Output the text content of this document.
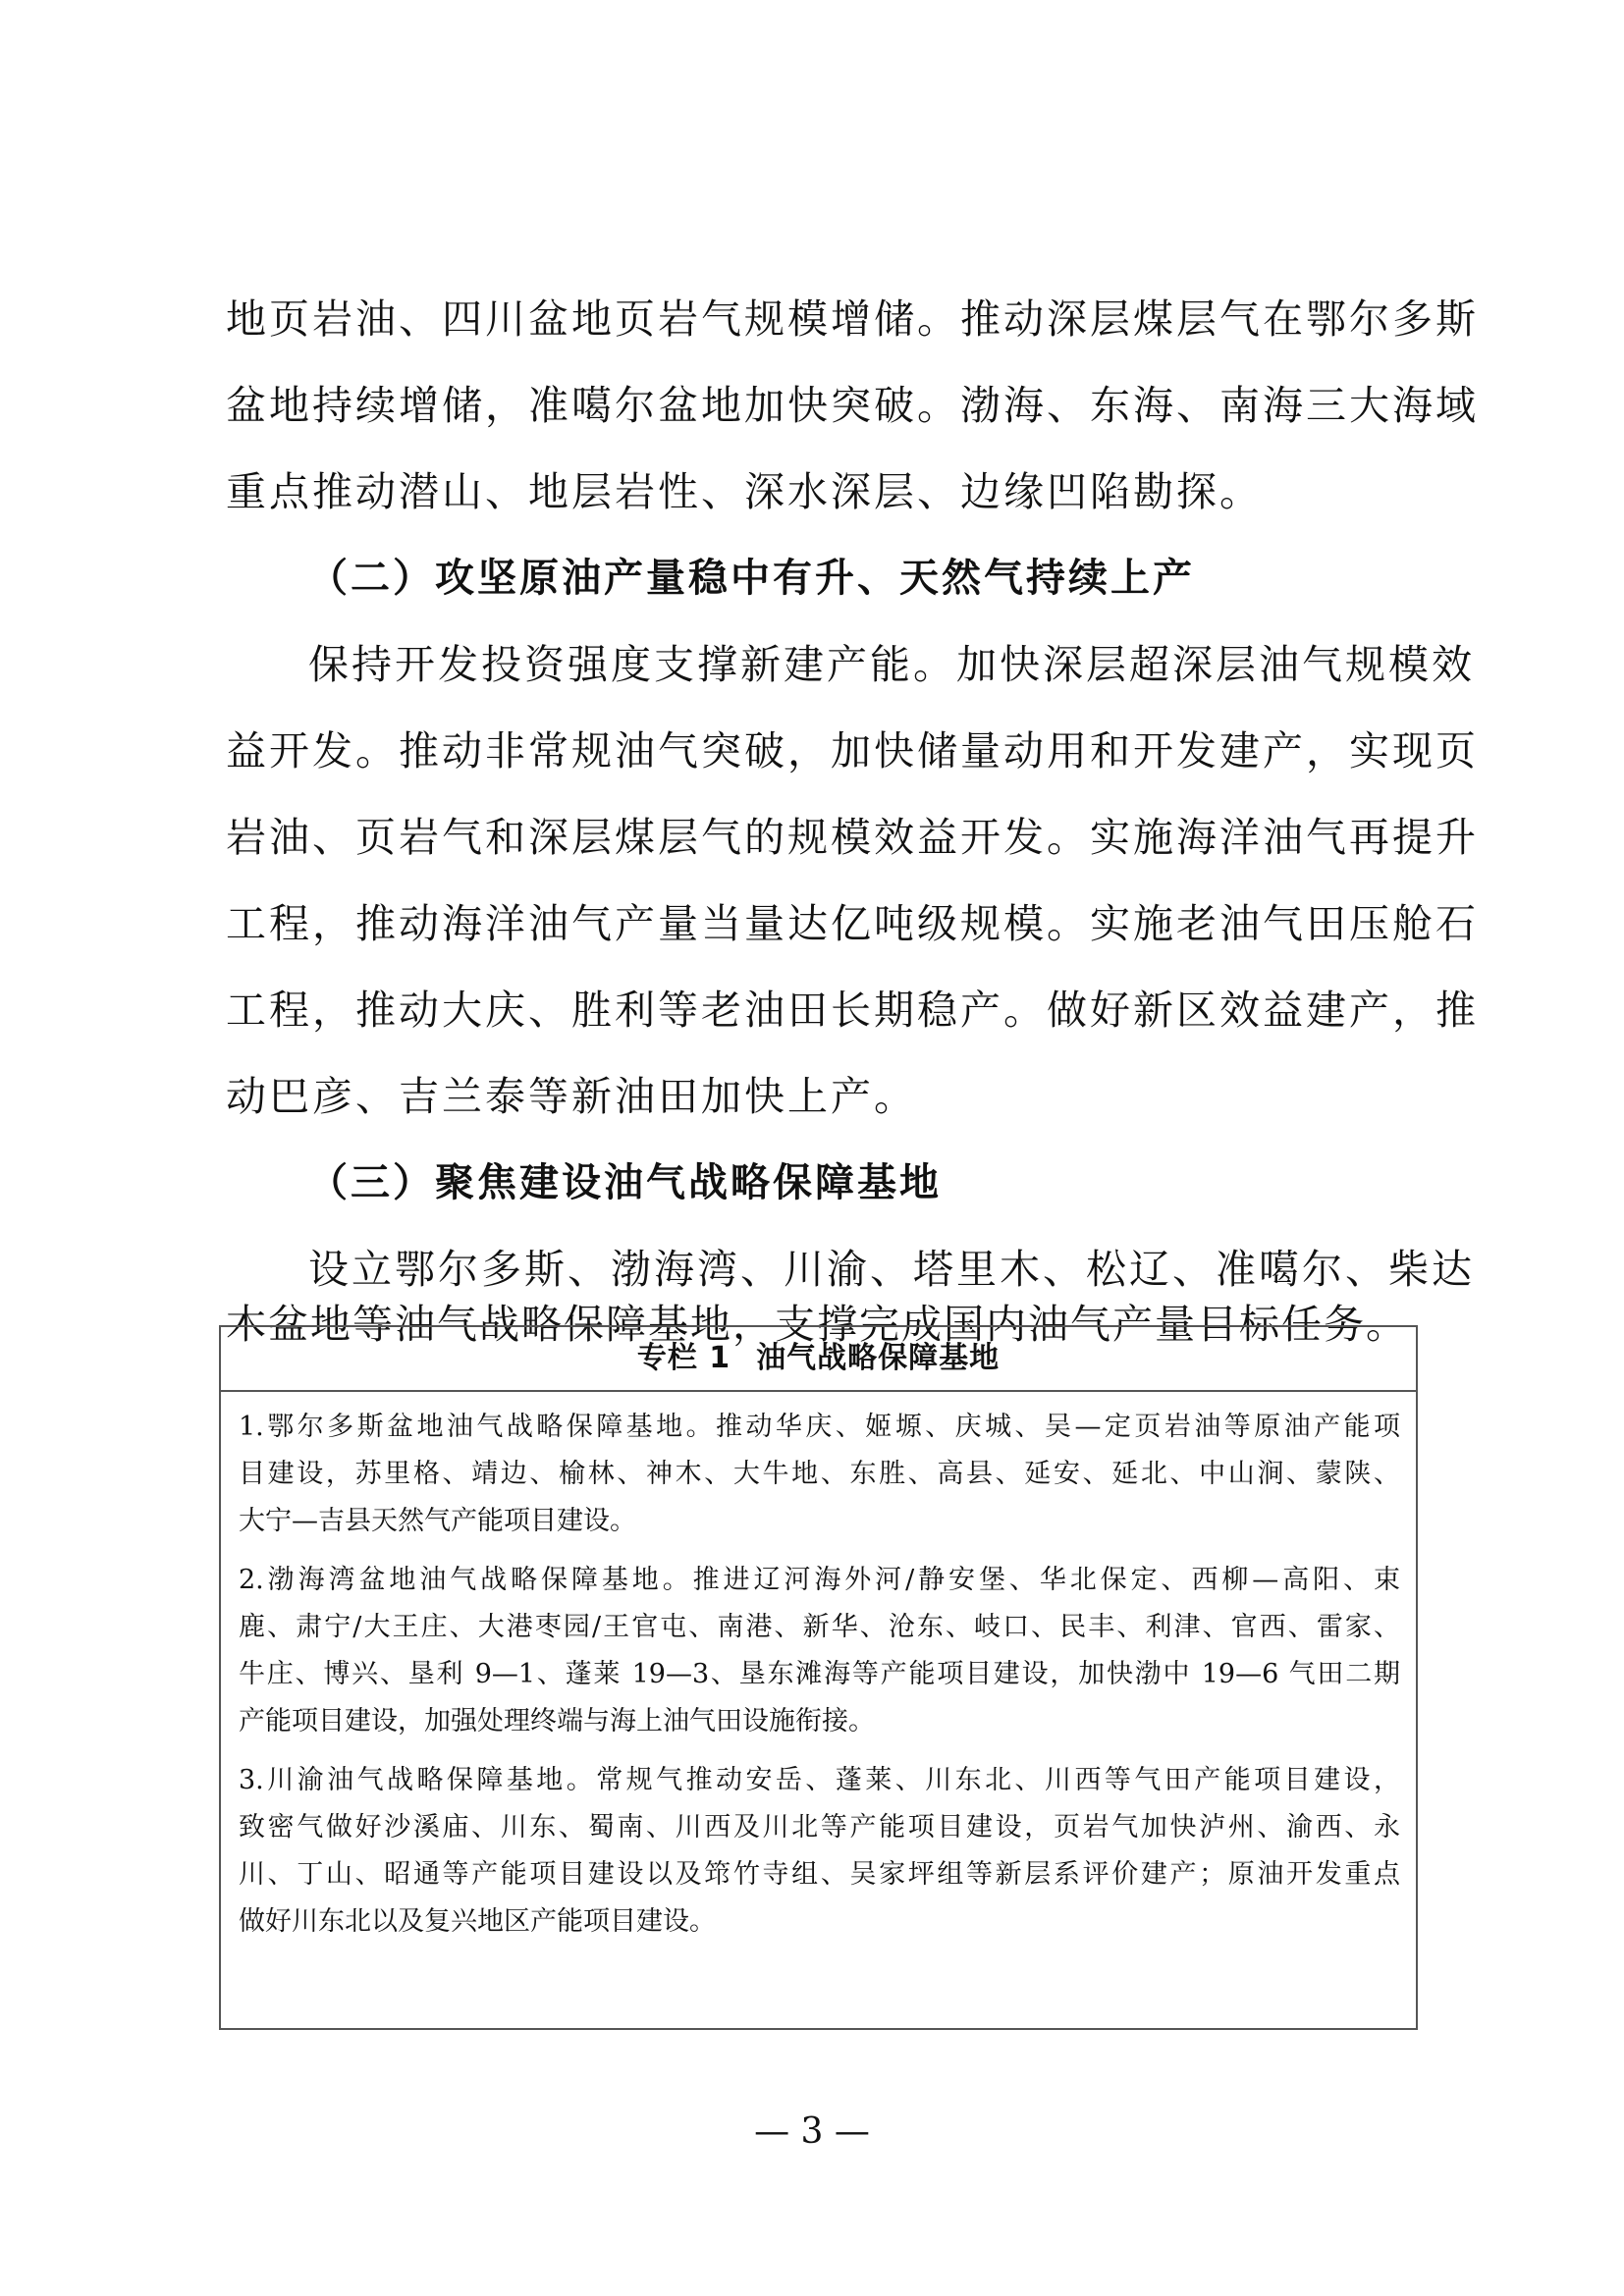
地页岩油、四川盆地页岩气规模增储。推动深层煤层气在鄂尔多斯
盆地持续增储，准噶尔盆地加快突破。渤海、东海、南海三大海域
重点推动潜山、地层岩性、深水深层、边缘凹陷勘探。
（二）攻坚原油产量稳中有升、天然气持续上产
保持开发投资强度支撑新建产能。加快深层超深层油气规模效
益开发。推动非常规油气突破，加快储量动用和开发建产，实现页
岩油、页岩气和深层煤层气的规模效益开发。实施海洋油气再提升
工程，推动海洋油气产量当量达亿吨级规模。实施老油气田压舱石
工程，推动大庆、胜利等老油田长期稳产。做好新区效益建产，推
动巴彦、吉兰泰等新油田加快上产。
（三）聚焦建设油气战略保障基地
设立鄂尔多斯、渤海湾、川渝、塔里木、松辽、准噶尔、柴达
木盆地等油气战略保障基地，支撑完成国内油气产量目标任务。
专栏 1 油气战略保障基地
1.鄂尔多斯盆地油气战略保障基地。推动华庆、姬塬、庆城、吴—定页岩油等原油产能项
目建设，苏里格、靖边、榆林、神木、大牛地、东胜、高县、延安、延北、中山涧、蒙陕、
大宁—吉县天然气产能项目建设。
2.渤海湾盆地油气战略保障基地。推进辽河海外河/静安堡、华北保定、西柳—高阳、束
鹿、肃宁/大王庄、大港枣园/王官屯、南港、新华、沧东、岐口、民丰、利津、官西、雷家、
牛庄、博兴、垦利 9—1、蓬莱 19—3、垦东滩海等产能项目建设，加快渤中 19—6 气田二期
产能项目建设，加强处理终端与海上油气田设施衔接。
3.川渝油气战略保障基地。常规气推动安岳、蓬莱、川东北、川西等气田产能项目建设，
致密气做好沙溪庙、川东、蜀南、川西及川北等产能项目建设，页岩气加快泸州、渝西、永
川、丁山、昭通等产能项目建设以及筇竹寺组、吴家坪组等新层系评价建产；原油开发重点
做好川东北以及复兴地区产能项目建设。
— 3 —
